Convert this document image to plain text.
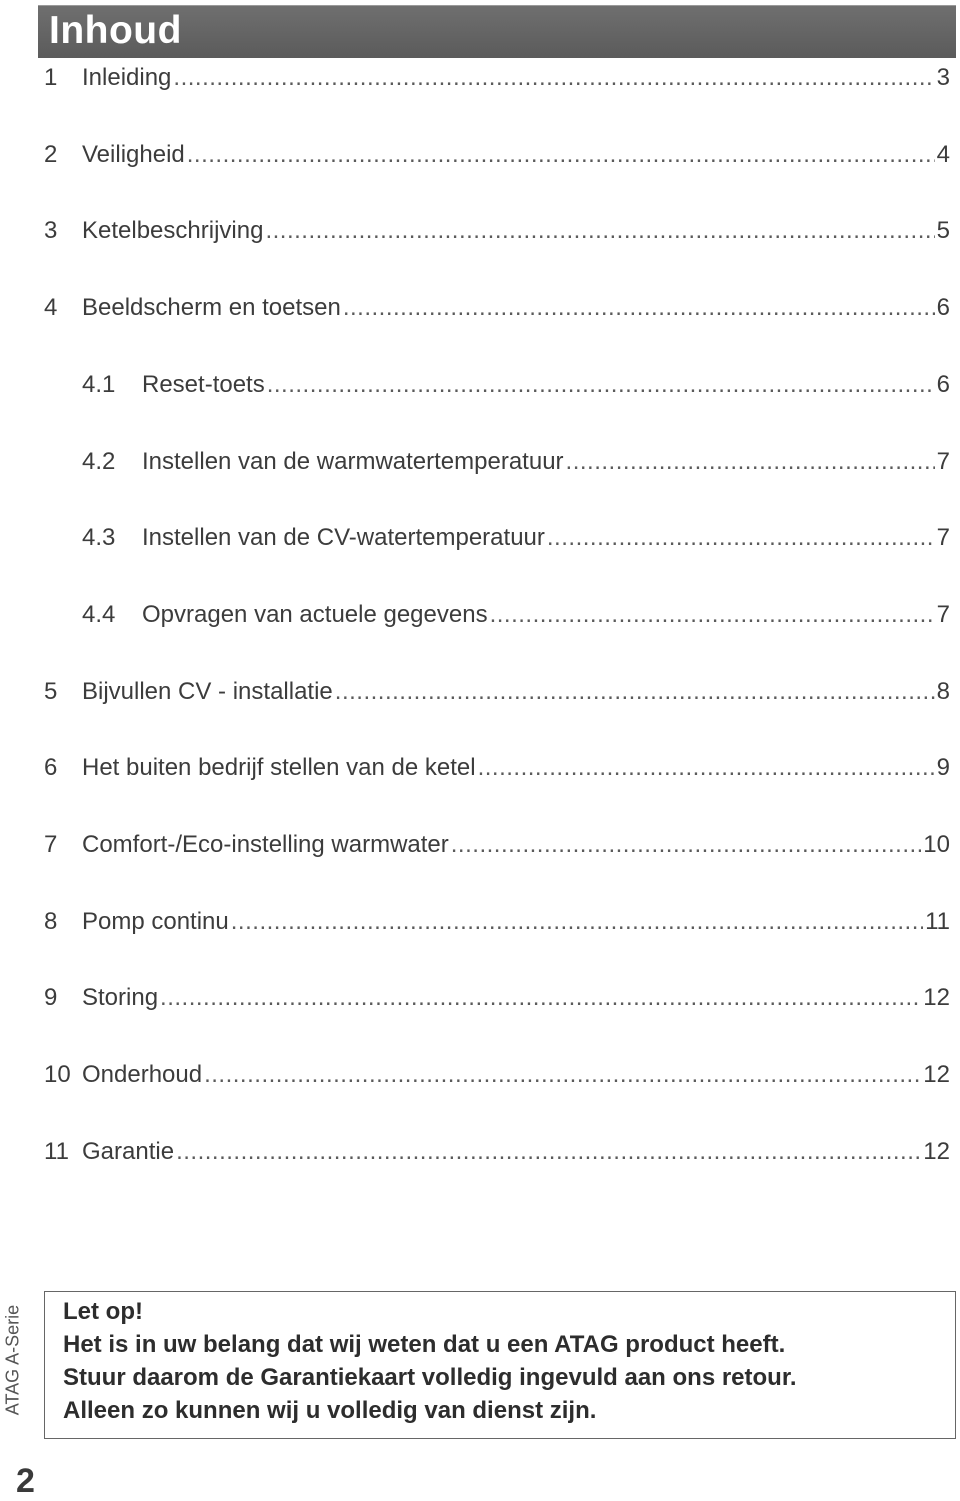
Inhoud
1	Inleiding .....	3
2	Veiligheid .....	4
3	Ketelbeschrijving .....	5
4	Beeldscherm en toetsen .....	6
4.1	Reset-toets .....	6
4.2	Instellen van de warmwatertemperatuur .....	7
4.3	Instellen van de CV-watertemperatuur .....	7
4.4	Opvragen van actuele gegevens .....	7
5	Bijvullen CV - installatie .....	8
6	Het buiten bedrijf stellen van de ketel .....	9
7	Comfort-/Eco-instelling warmwater .....	10
8	Pomp continu .....	11
9	Storing .....	12
10 Onderhoud .....	12
11 Garantie .....	12
ATAG A-Serie
2

Let op!

Het is in uw belang dat wij weten dat u een ATAG product heeft.

Stuur daarom de Garantiekaart volledig ingevuld aan ons retour.

Alleen zo kunnen wij u volledig van dienst zijn.
